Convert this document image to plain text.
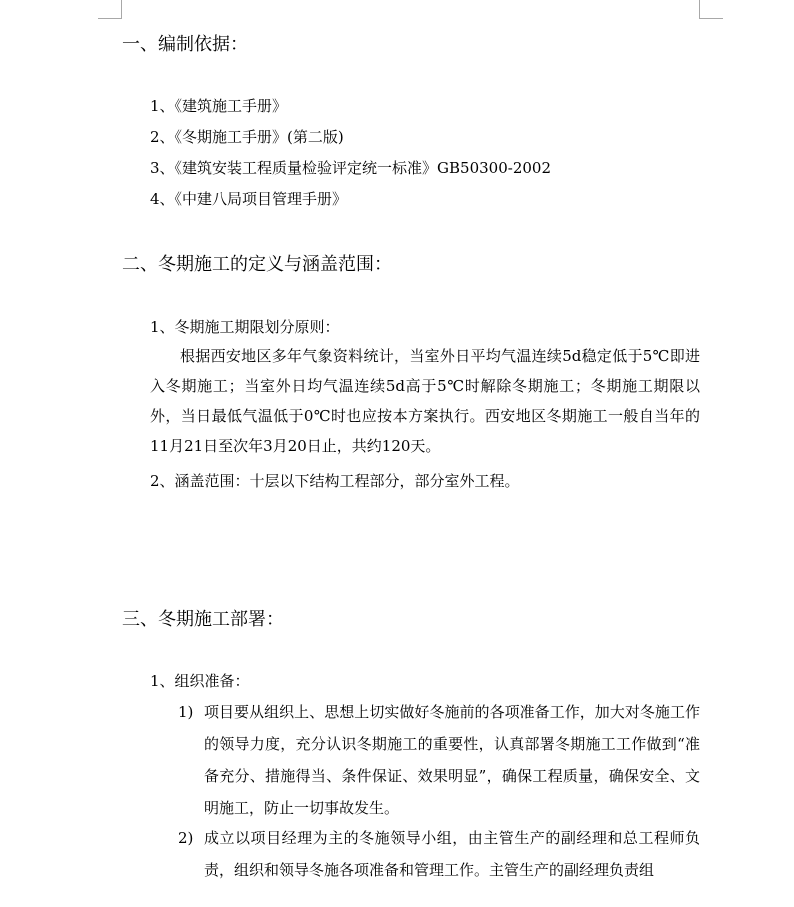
一、编制依据：
1、《建筑施工手册》
2、《冬期施工手册》(第二版)
3、《建筑安装工程质量检验评定统一标准》GB50300-2002
4、《中建八局项目管理手册》
二、冬期施工的定义与涵盖范围：
1、冬期施工期限划分原则：

根据西安地区多年气象资料统计，当室外日平均气温连续5d稳定低于5℃即进入冬期施工；当室外日均气温连续5d高于5℃时解除冬期施工；冬期施工期限以外，当日最低气温低于0℃时也应按本方案执行。西安地区冬期施工一般自当年的11月21日至次年3月20日止，共约120天。

2、涵盖范围：十层以下结构工程部分，部分室外工程。
三、冬期施工部署：
1、组织准备：
1) 项目要从组织上、思想上切实做好冬施前的各项准备工作，加大对冬施工作的领导力度，充分认识冬期施工的重要性，认真部署冬期施工工作做到“准备充分、措施得当、条件保证、效果明显”，确保工程质量，确保安全、文明施工，防止一切事故发生。
2) 成立以项目经理为主的冬施领导小组，由主管生产的副经理和总工程师负责，组织和领导冬施各项准备和管理工作。主管生产的副经理负责组
